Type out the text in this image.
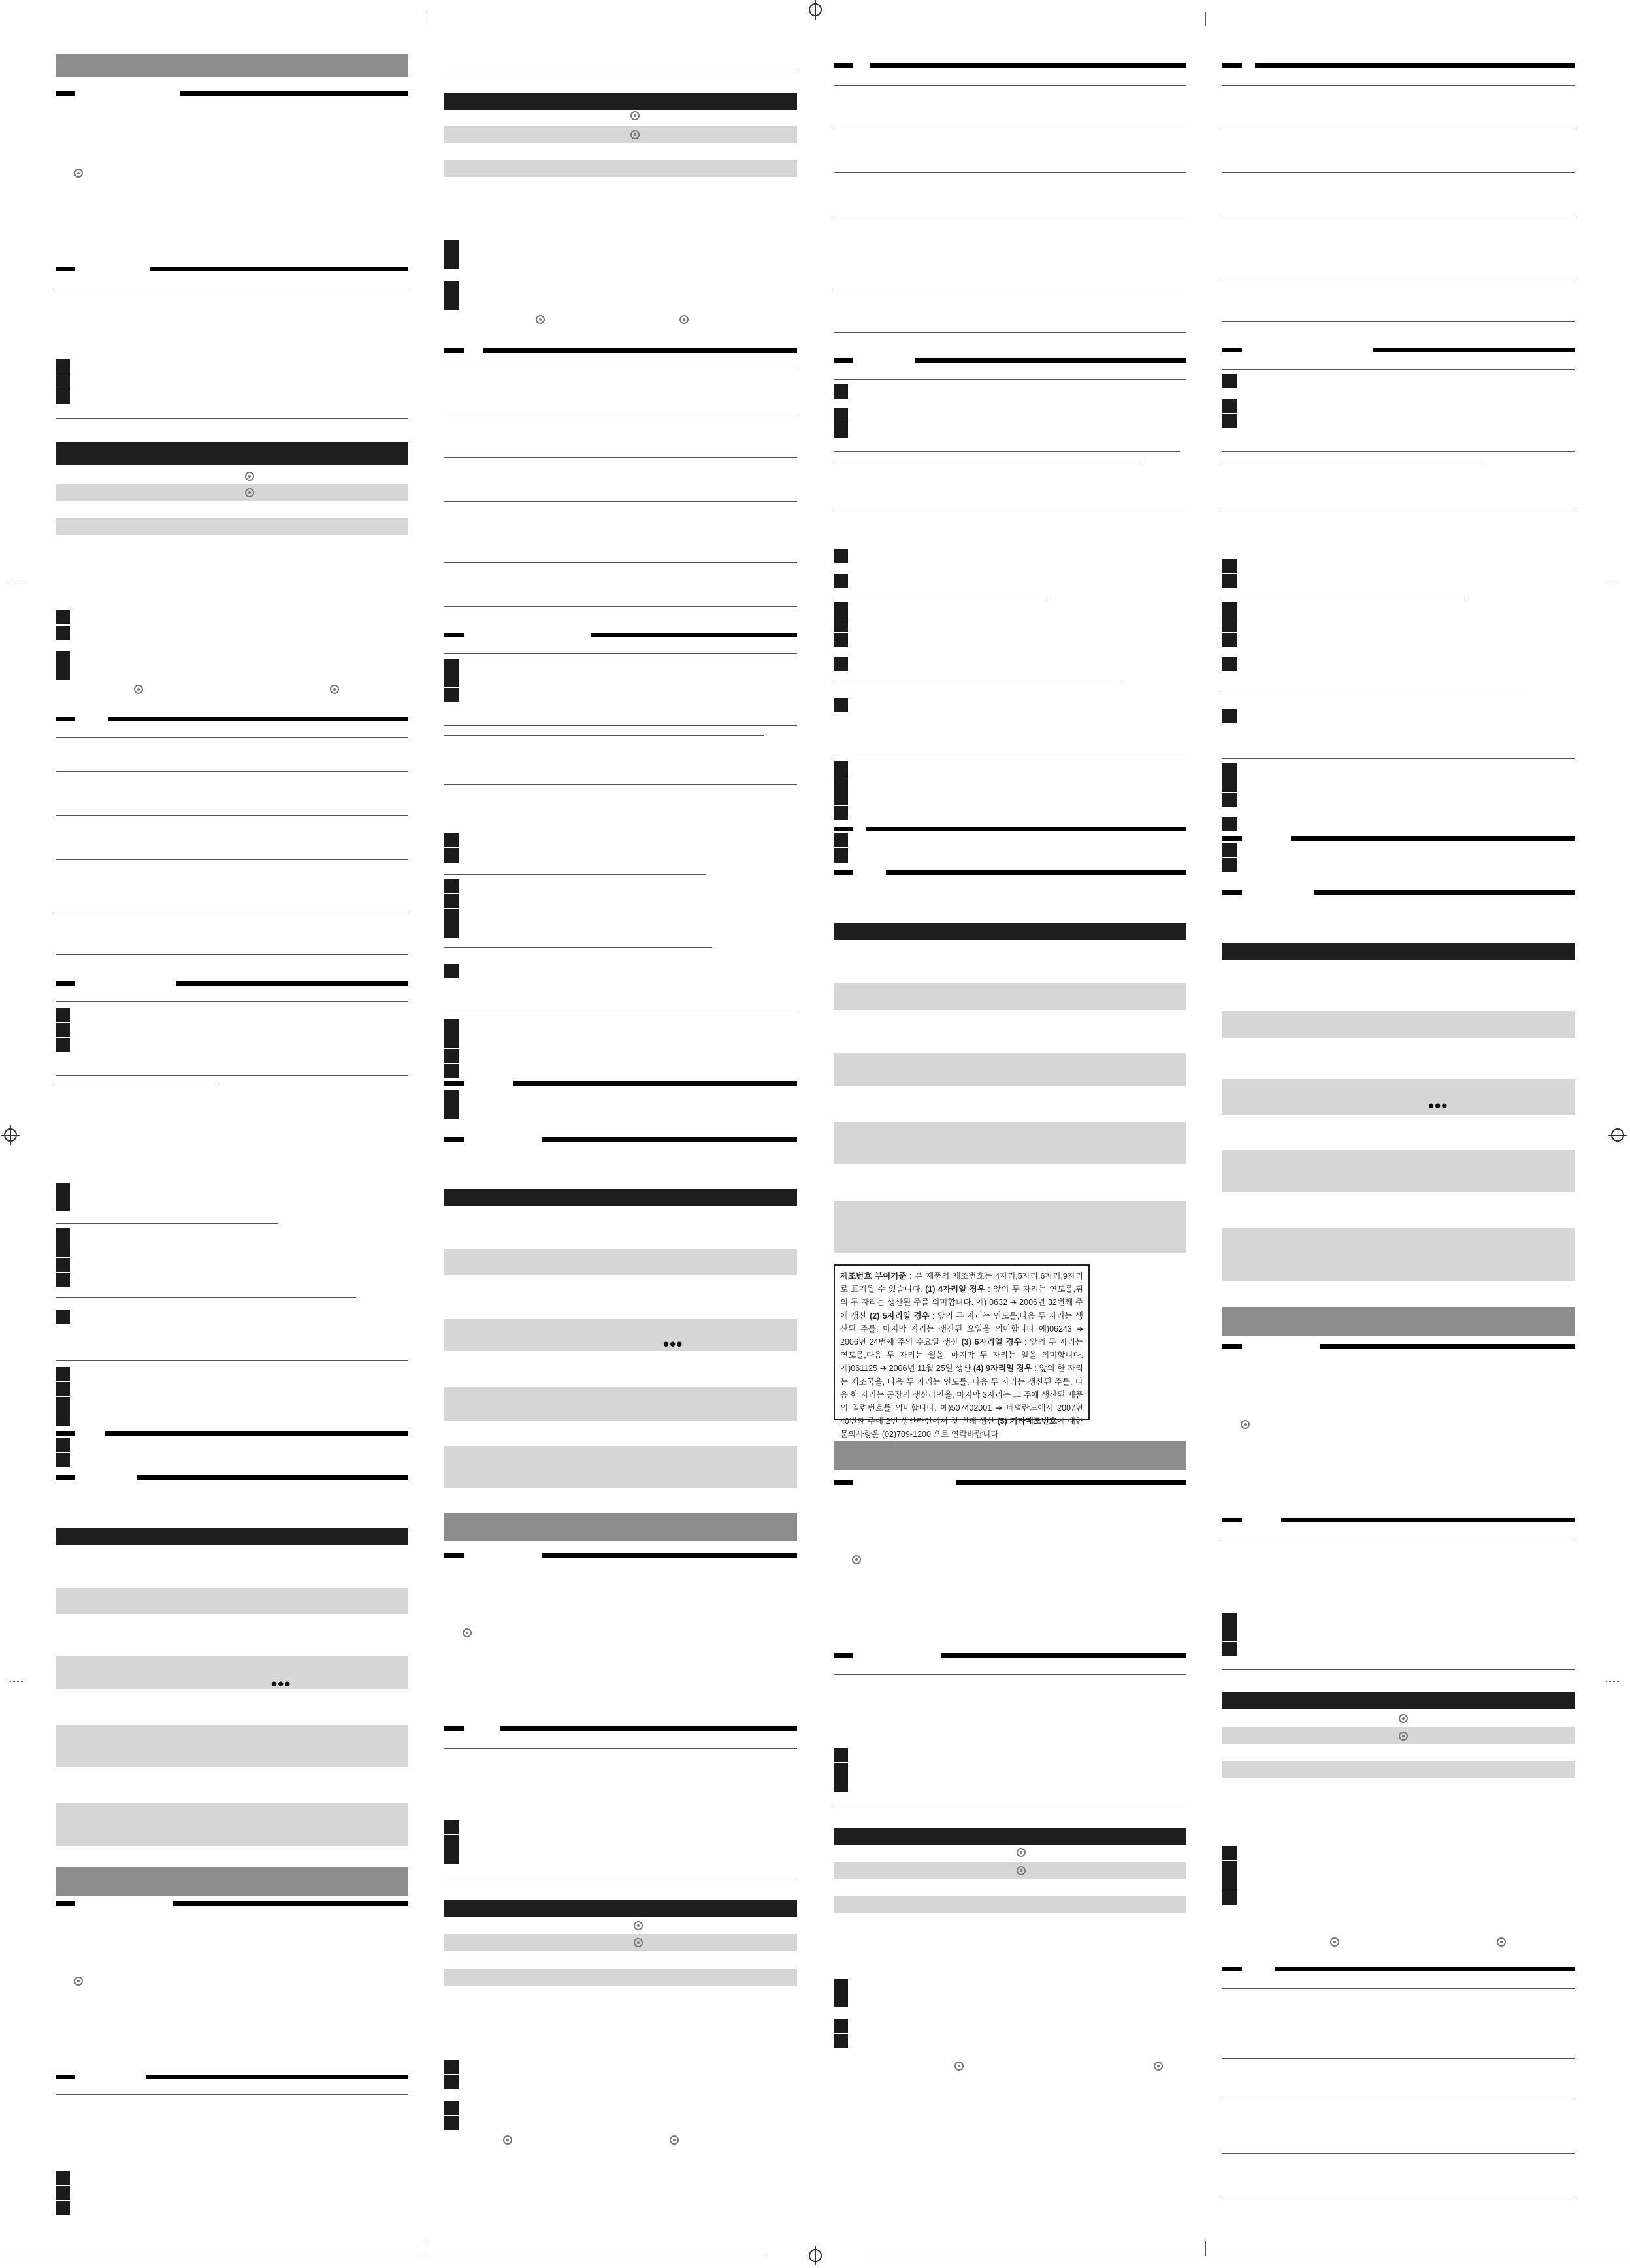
•••
•••
제조번호 부여기준 : 본 제품의 제조번호는 4자리,5자리,6자리,9자리로 표기될 수 있습니다. (1) 4자리일 경우 : 앞의 두 자리는 연도를,뒤의 두 자리는 생산된 주를 의미합니다. 예) 0632 ➔ 2006년 32번째 주에 생산 (2) 5자리일 경우 : 앞의 두 자리는 연도를,다음 두 자리는 생산된 주를, 마지막 자리는 생산된 요일을 의미합니다 예)06243 ➔ 2006년 24번째 주의 수요일 생산 (3) 6자리일 경우 : 앞의 두 자리는 연도를,다음 두 자리는 월을, 마지막 두 자리는 일을 의미합니다. 예)061125 ➔ 2006년 11월 25일 생산 (4) 9자리일 경우 : 앞의 한 자리는 제조국을, 다음 두 자리는 연도를, 다음 두 자리는 생산된 주를, 다음 한 자리는 공장의 생산라인을, 마지막 3자리는 그 주에 생산된 제품의 일련번호를 의미합니다. 예)507402001 ➔ 네덜란드에서 2007년 40번째 주에 2번 생산라인에서 첫 번째 생산 (5) 기타제조번호에 대한 문의사항은 (02)709-1200 으로 연락바랍니다
•••
